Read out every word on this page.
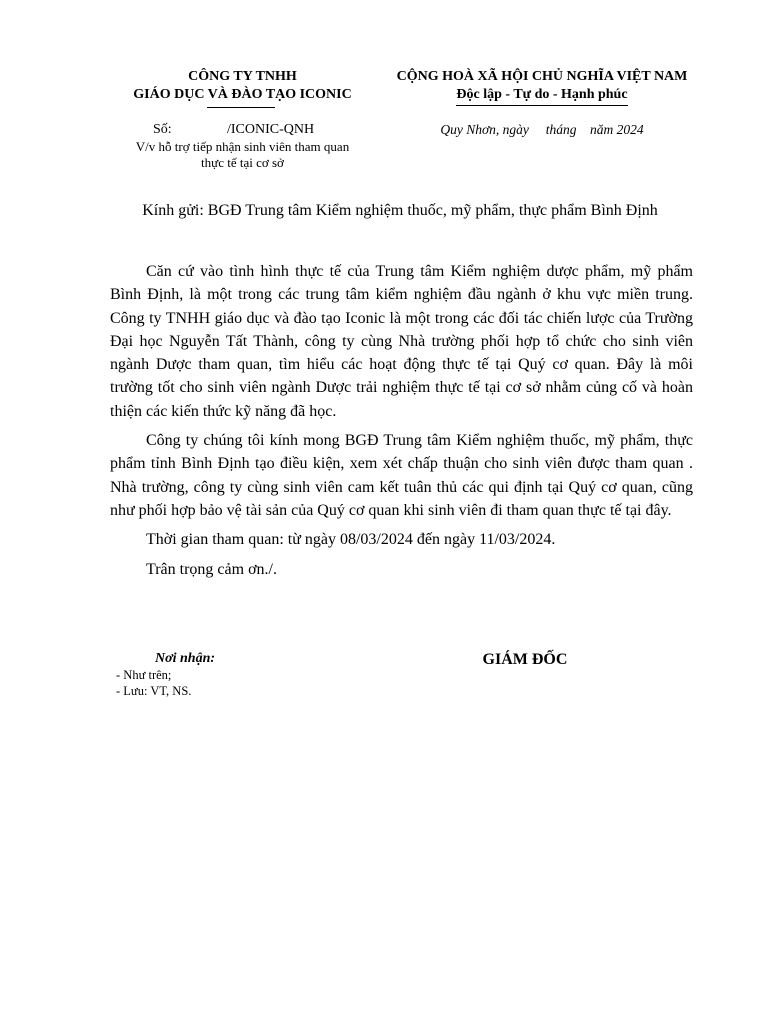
CÔNG TY TNHH
GIÁO DỤC VÀ ĐÀO TẠO ICONIC
Số:	/ICONIC-QNH
V/v hỗ trợ tiếp nhận sinh viên tham quan
thực tế tại cơ sở
CỘNG HOÀ XÃ HỘI CHỦ NGHĨA VIỆT NAM
Độc lập - Tự do - Hạnh phúc
Quy Nhơn, ngày     tháng    năm 2024
Kính gửi: BGĐ Trung tâm Kiểm nghiệm thuốc, mỹ phẩm, thực phẩm Bình Định

Căn cứ vào tình hình thực tế của Trung tâm Kiểm nghiệm dược phẩm, mỹ phẩm Bình Định, là một trong các trung tâm kiểm nghiệm đầu ngành ở khu vực miền trung. Công ty TNHH giáo dục và đào tạo Iconic là một trong các đối tác chiến lược của Trường Đại học Nguyễn Tất Thành, công ty cùng Nhà trường phối hợp tổ chức cho sinh viên ngành Dược tham quan, tìm hiểu các hoạt động thực tế tại Quý cơ quan. Đây là môi trường tốt cho sinh viên ngành Dược trải nghiệm thực tế tại cơ sở nhằm củng cố và hoàn thiện các kiến thức kỹ năng đã học.

Công ty chúng tôi kính mong BGĐ Trung tâm Kiểm nghiệm thuốc, mỹ phẩm, thực phẩm tỉnh Bình Định tạo điều kiện, xem xét chấp thuận cho sinh viên được tham quan . Nhà trường, công ty cùng sinh viên cam kết tuân thủ các qui định tại Quý cơ quan, cũng như phối hợp bảo vệ tài sản của Quý cơ quan khi sinh viên đi tham quan thực tế tại đây.

Thời gian tham quan: từ ngày 08/03/2024 đến ngày 11/03/2024.

Trân trọng cảm ơn./.

Nơi nhận:
- Như trên;
- Lưu: VT, NS.
GIÁM ĐỐC
